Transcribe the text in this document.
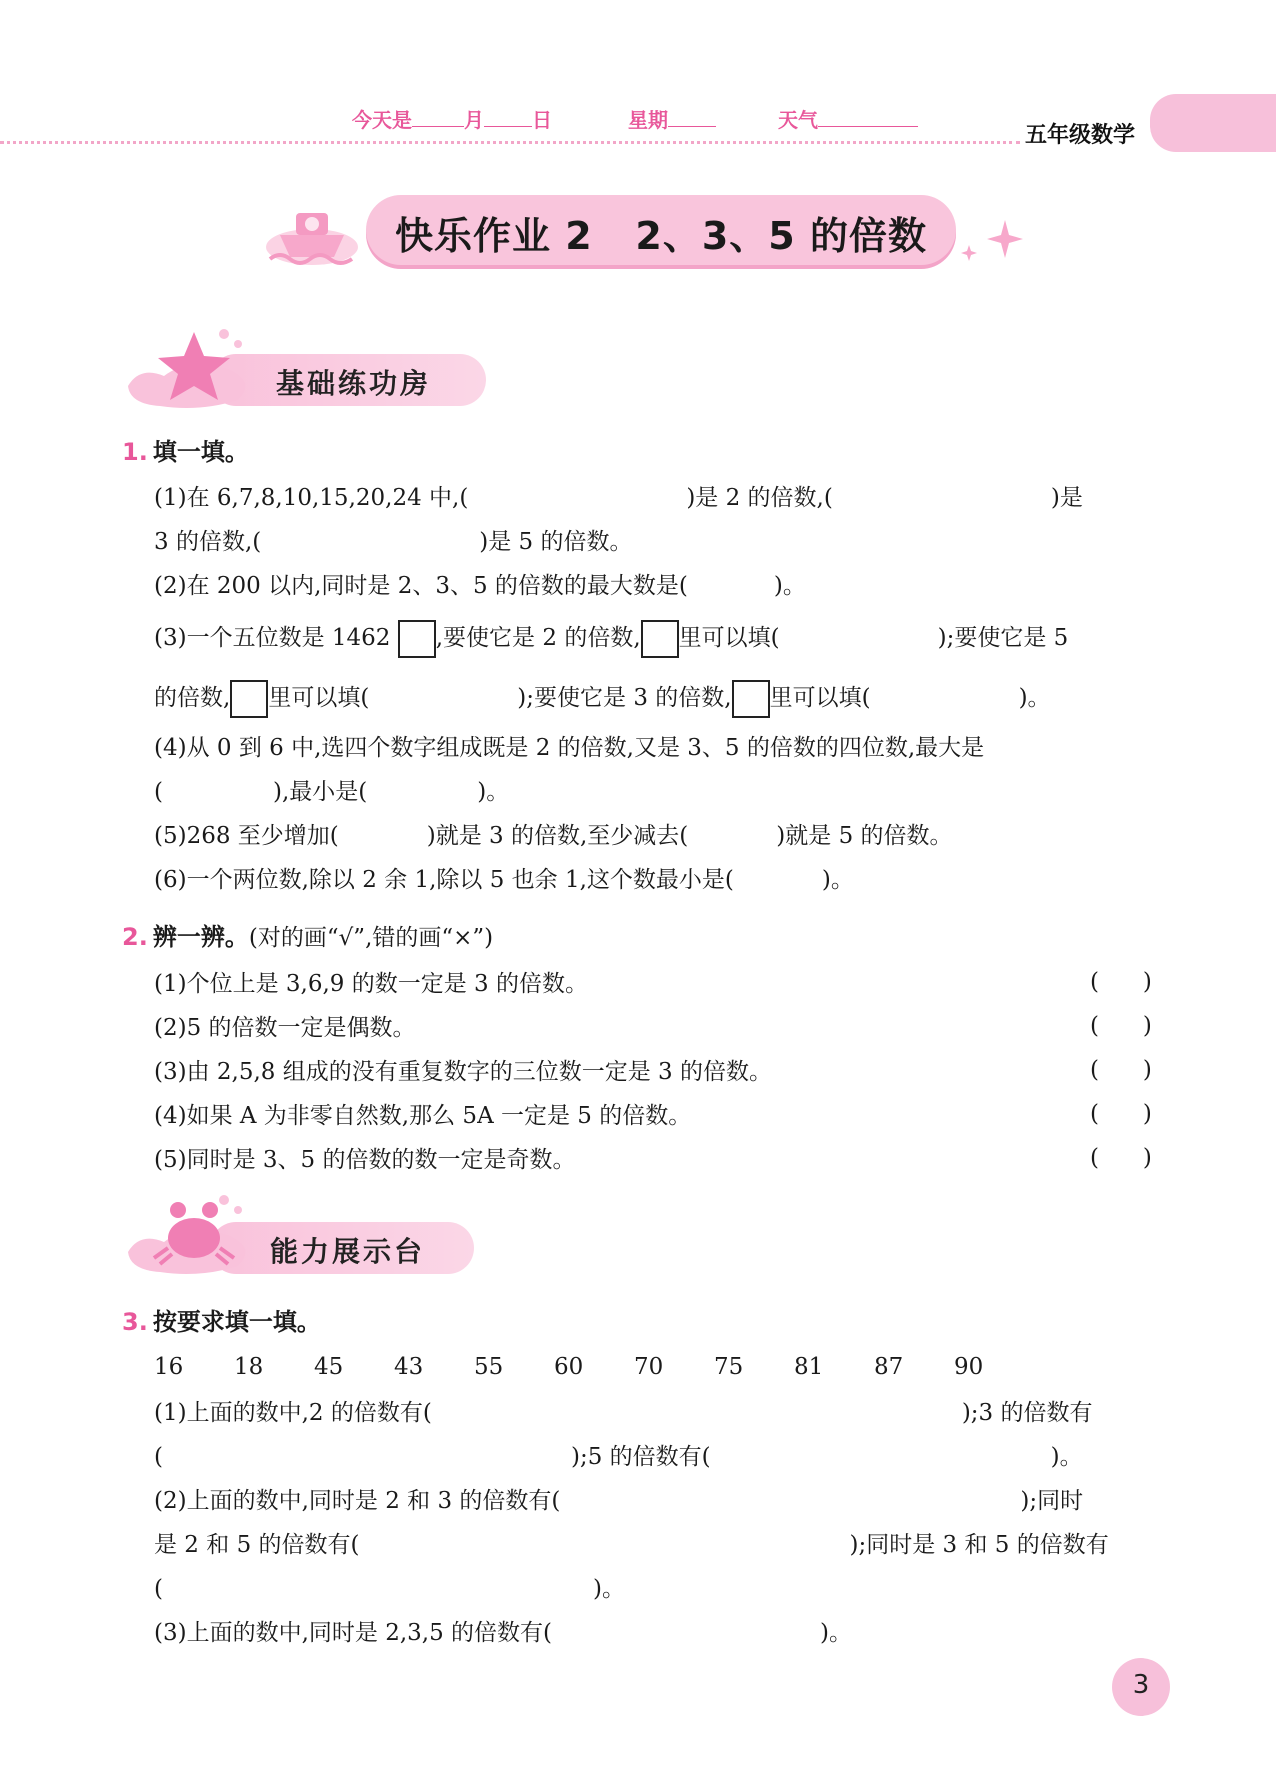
今天是	月 日	星期	天气
五年级数学
快乐作业 2   2、3、5 的倍数
基础练功房
1. 填一填。
(1)在 6,7,8,10,15,20,24 中,(	)是 2 的倍数,(	)是
3 的倍数,(	)是 5 的倍数。
(2)在 200 以内,同时是 2、3、5 的倍数的最大数是(	)。
(3)一个五位数是 1462 ,要使它是 2 的倍数, 里可以填(	);要使它是 5
的倍数, 里可以填(	);要使它是 3 的倍数, 里可以填(	)。
(4)从 0 到 6 中,选四个数字组成既是 2 的倍数,又是 3、5 的倍数的四位数,最大是
(	),最小是(	)。
(5)268 至少增加(	)就是 3 的倍数,至少减去(	)就是 5 的倍数。
(6)一个两位数,除以 2 余 1,除以 5 也余 1,这个数最小是(	)。
2. 辨一辨。(对的画“√”,错的画“×”)
(1)个位上是 3,6,9 的数一定是 3 的倍数。	(      )
(2)5 的倍数一定是偶数。	(      )
(3)由 2,5,8 组成的没有重复数字的三位数一定是 3 的倍数。	(      )
(4)如果 A 为非零自然数,那么 5A 一定是 5 的倍数。	(      )
(5)同时是 3、5 的倍数的数一定是奇数。	(      )
能力展示台
3. 按要求填一填。
16 18 45 43 55 60 70 75 81 87 90
(1)上面的数中,2 的倍数有(	);3 的倍数有
(	);5 的倍数有(	)。
(2)上面的数中,同时是 2 和 3 的倍数有(	);同时
是 2 和 5 的倍数有(	);同时是 3 和 5 的倍数有
(	)。
(3)上面的数中,同时是 2,3,5 的倍数有(	)。
3
